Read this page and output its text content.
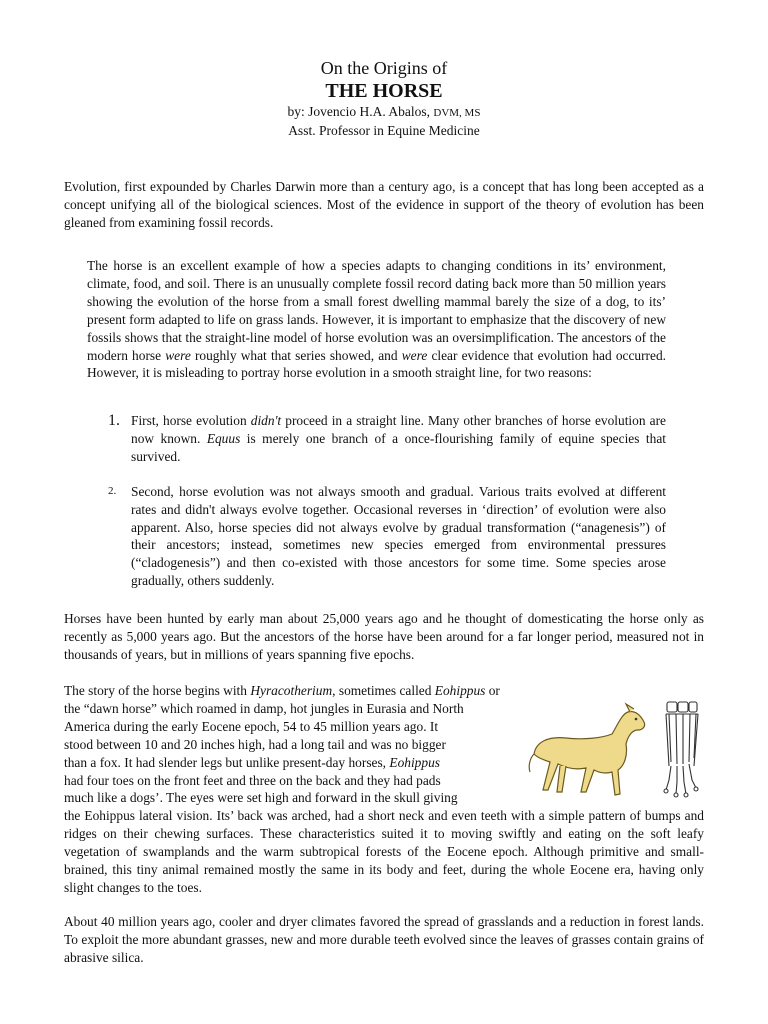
On the Origins of
THE HORSE
by: Jovencio H.A. Abalos, DVM, MS
Asst. Professor in Equine Medicine

Evolution, first expounded by Charles Darwin more than a century ago, is a concept that has long been accepted as a concept unifying all of the biological sciences. Most of the evidence in support of the theory of evolution has been gleaned from examining fossil records.

The horse is an excellent example of how a species adapts to changing conditions in its’ environment, climate, food, and soil. There is an unusually complete fossil record dating back more than 50 million years showing the evolution of the horse from a small forest dwelling mammal barely the size of a dog, to its’ present form adapted to life on grass lands. However, it is important to emphasize that the discovery of new fossils shows that the straight-line model of horse evolution was an oversimplification. The ancestors of the modern horse were roughly what that series showed, and were clear evidence that evolution had occurred. However, it is misleading to portray horse evolution in a smooth straight line, for two reasons:

1. First, horse evolution didn't proceed in a straight line. Many other branches of horse evolution are now known. Equus is merely one branch of a once-flourishing family of equine species that survived.

2. Second, horse evolution was not always smooth and gradual. Various traits evolved at different rates and didn't always evolve together. Occasional reverses in ‘direction’ of evolution were also apparent. Also, horse species did not always evolve by gradual transformation (“anagenesis”) of their ancestors; instead, sometimes new species emerged from environmental pressures (“cladogenesis”) and then co-existed with those ancestors for some time. Some species arose gradually, others suddenly.

Horses have been hunted by early man about 25,000 years ago and he thought of domesticating the horse only as recently as 5,000 years ago. But the ancestors of the horse have been around for a far longer period, measured not in thousands of years, but in millions of years spanning five epochs.

The story of the horse begins with Hyracotherium, sometimes called Eohippus or

the “dawn horse” which roamed in damp, hot jungles in Eurasia and North

America during the early Eocene epoch, 54 to 45 million years ago. It

stood between 10 and 20 inches high, had a long tail and was no bigger

than a fox. It had slender legs but unlike present-day horses, Eohippus

had four toes on the front feet and three on the back and they had pads

much like a dogs’. The eyes were set high and forward in the skull giving

the Eohippus lateral vision. Its’ back was arched, had a short neck and even teeth with a simple pattern of bumps and ridges on their chewing surfaces. These characteristics suited it to moving swiftly and eating on the soft leafy vegetation of swamplands and the warm subtropical forests of the Eocene epoch. Although primitive and small-brained, this tiny animal remained mostly the same in its body and feet, during the whole Eocene era, having only slight changes to the toes.

About 40 million years ago, cooler and dryer climates favored the spread of grasslands and a reduction in forest lands. To exploit the more abundant grasses, new and more durable teeth evolved since the leaves of grasses contain grains of abrasive silica.
